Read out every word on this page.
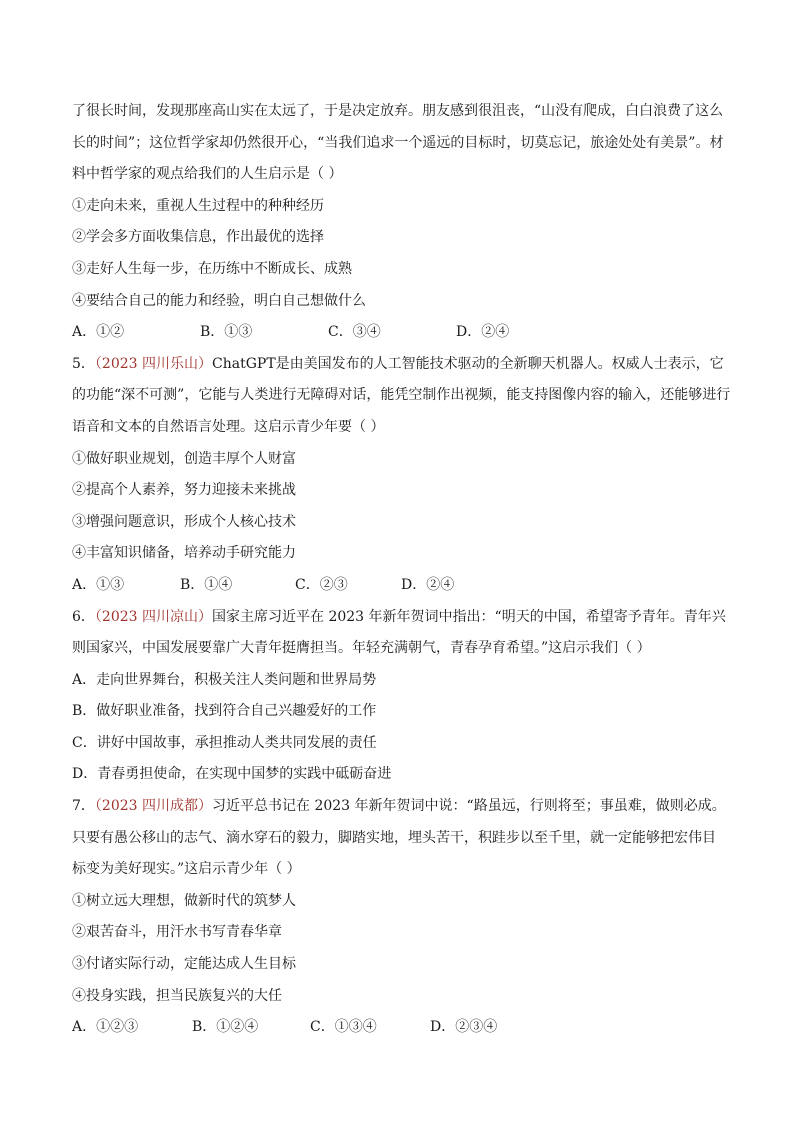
了很长时间，发现那座高山实在太远了，于是决定放弃。朋友感到很沮丧，“山没有爬成，白白浪费了这么
长的时间”；这位哲学家却仍然很开心，“当我们追求一个遥远的目标时，切莫忘记，旅途处处有美景”。材
料中哲学家的观点给我们的人生启示是（ ）
①走向未来，重视人生过程中的种种经历
②学会多方面收集信息，作出最优的选择
③走好人生每一步，在历练中不断成长、成熟
④要结合自己的能力和经验，明白自己想做什么
A．①②	B．①③	C．③④	D．②④
5．（2023 四川乐山）ChatGPT是由美国发布的人工智能技术驱动的全新聊天机器人。权威人士表示，它
的功能“深不可测”，它能与人类进行无障碍对话，能凭空制作出视频，能支持图像内容的输入，还能够进行
语音和文本的自然语言处理。这启示青少年要（ ）
①做好职业规划，创造丰厚个人财富
②提高个人素养，努力迎接未来挑战
③增强问题意识，形成个人核心技术
④丰富知识储备，培养动手研究能力
A．①③	B．①④	C．②③	D．②④
6．（2023 四川凉山）国家主席习近平在 2023 年新年贺词中指出：“明天的中国，希望寄予青年。青年兴
则国家兴，中国发展要靠广大青年挺膺担当。年轻充满朝气，青春孕育希望。”这启示我们（ ）
A．走向世界舞台，积极关注人类问题和世界局势
B．做好职业准备，找到符合自己兴趣爱好的工作
C．讲好中国故事，承担推动人类共同发展的责任
D．青春勇担使命，在实现中国梦的实践中砥砺奋进
7．（2023 四川成都）习近平总书记在 2023 年新年贺词中说：“路虽远，行则将至；事虽难，做则必成。
只要有愚公移山的志气、滴水穿石的毅力，脚踏实地，埋头苦干，积跬步以至千里，就一定能够把宏伟目
标变为美好现实。”这启示青少年（ ）
①树立远大理想，做新时代的筑梦人
②艰苦奋斗，用汗水书写青春华章
③付诸实际行动，定能达成人生目标
④投身实践，担当民族复兴的大任
A．①②③	B．①②④	C．①③④	D．②③④
